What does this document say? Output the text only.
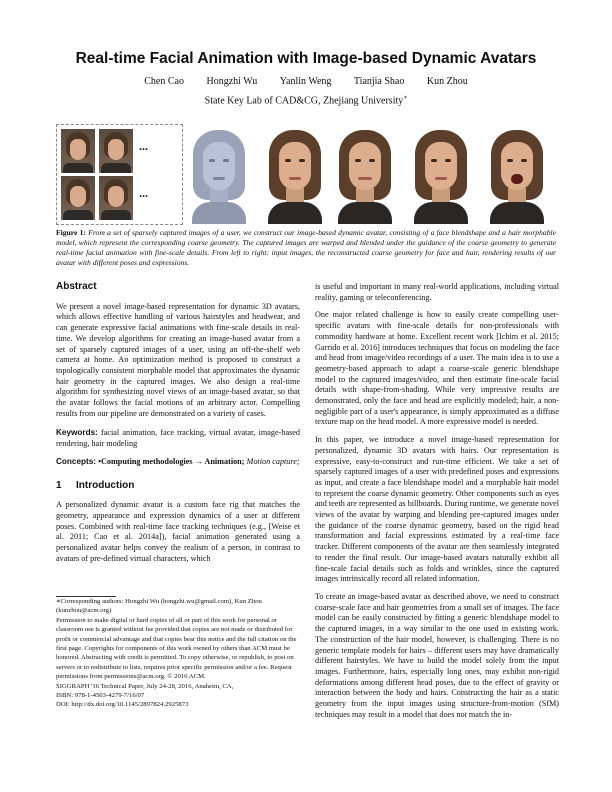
Real-time Facial Animation with Image-based Dynamic Avatars
Chen Cao Hongzhi Wu Yanlin Weng Tianjia Shao Kun Zhou
State Key Lab of CAD&CG, Zhejiang University∗
...
...
Figure 1: From a set of sparsely captured images of a user, we construct our image-based dynamic avatar, consisting of a face blendshape and a hair morphable model, which represent the corresponding coarse geometry. The captured images are warped and blended under the guidance of the coarse geometry to generate real-time facial animation with fine-scale details. From left to right: input images, the reconstructed coarse geometry for face and hair, rendering results of our avatar with different poses and expressions.
Abstract

We present a novel image-based representation for dynamic 3D avatars, which allows effective handling of various hairstyles and headwear, and can generate expressive facial animations with fine-scale details in real-time. We develop algorithms for creating an image-based avatar from a set of sparsely captured images of a user, using an off-the-shelf web camera at home. An optimization method is proposed to construct a topologically consistent morphable model that approximates the dynamic hair geometry in the captured images. We also design a real-time algorithm for synthesizing novel views of an image-based avatar, so that the avatar follows the facial motions of an arbitrary actor. Compelling results from our pipeline are demonstrated on a variety of cases.

Keywords: facial animation, face tracking, virtual avatar, image-based rendering, hair modeling

Concepts: •Computing methodologies → Animation; Motion capture;

1 Introduction

A personalized dynamic avatar is a custom face rig that matches the geometry, appearance and expression dynamics of a user at different poses. Combined with real-time face tracking techniques (e.g., [Weise et al. 2011; Cao et al. 2014a]), facial animation generated using a personalized avatar helps convey the realism of a person, in contrast to avatars of pre-defined virtual characters, which

∗Corresponding authors: Hongzhi Wu (hongzhi.wu@gmail.com), Kun Zhou (kunzhou@acm.org)

Permission to make digital or hard copies of all or part of this work for personal or classroom use is granted without fee provided that copies are not made or distributed for profit or commercial advantage and that copies bear this notice and the full citation on the first page. Copyrights for components of this work owned by others than ACM must be honored. Abstracting with credit is permitted. To copy otherwise, or republish, to post on servers or to redistribute to lists, requires prior specific permission and/or a fee. Request permissions from permissions@acm.org. © 2016 ACM.

SIGGRAPH '16 Technical Paper, July 24-28, 2016, Anaheim, CA,

ISBN: 978-1-4503-4279-7/16/07

DOI: http://dx.doi.org/10.1145/2897824.2925873

is useful and important in many real-world applications, including virtual reality, gaming or teleconferencing.

One major related challenge is how to easily create compelling user-specific avatars with fine-scale details for non-professionals with commodity hardware at home. Excellent recent work [Ichim et al. 2015; Garrido et al. 2016] introduces techniques that focus on modeling the face and head from image/video recordings of a user. The main idea is to use a geometry-based approach to adapt a coarse-scale generic blendshape model to the captured images/video, and then estimate fine-scale facial details with shape-from-shading. While very impressive results are demonstrated, only the face and head are explicitly modeled; hair, a non-negligible part of a user's appearance, is simply approximated as a diffuse texture map on the head model. A more expressive model is needed.

In this paper, we introduce a novel image-based representation for personalized, dynamic 3D avatars with hairs. Our representation is expressive, easy-to-construct and run-time efficient. We take a set of sparsely captured images of a user with predefined poses and expressions as input, and create a face blendshape model and a morphable hair model to represent the coarse dynamic geometry. Other components such as eyes and teeth are represented as billboards. During runtime, we generate novel views of the avatar by warping and blending pre-captured images under the guidance of the coarse dynamic geometry, based on the rigid head transformation and facial expressions estimated by a real-time face tracker. Different components of the avatar are then seamlessly integrated to render the final result. Our image-based avatars naturally exhibit all fine-scale facial details such as folds and wrinkles, since the captured images intrinsically record all related information.

To create an image-based avatar as described above, we need to construct coarse-scale face and hair geometries from a small set of images. The face model can be easily constructed by fitting a generic blendshape model to the captured images, in a way similar to the one used in existing work. The construction of the hair model, however, is challenging. There is no generic template models for hairs – different users may have dramatically different hairstyles. We have to build the model solely from the input images. Furthermore, hairs, especially long ones, may exhibit non-rigid deformations among different head poses, due to the effect of gravity or interaction between the body and hairs. Constructing the hair as a static geometry from the input images using structure-from-motion (SfM) techniques may result in a model that does not match the in-
